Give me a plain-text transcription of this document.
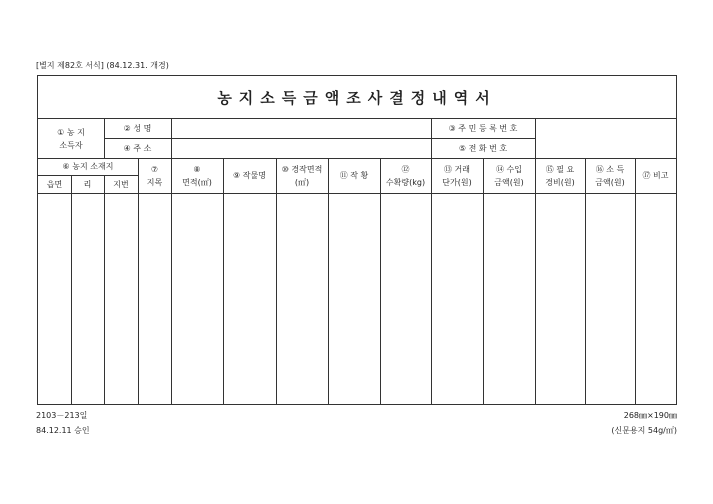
[별지 제82호 서식] (84.12.31. 개경)
농지소득금액조사결정내역서
① 농 지
소득자
② 성 명
④ 주 소
③ 주 민 등 록 번 호
⑤ 전 화 번 호
⑥ 농지 소재지
읍면	리	지번
⑦
지목
⑧
면적(㎡)
⑨ 작물명
⑩ 경작면적
(㎡)
⑪ 작 황
⑫
수확량(kg)
⑬ 거래
단가(원)
⑭ 수입
금액(원)
⑮ 필 요
경비(원)
⑯ 소 득
금액(원)
⑰ 비고
2103－213일
84.12.11 승인
268㎜×190㎜
(신문용지 54g/㎡)
